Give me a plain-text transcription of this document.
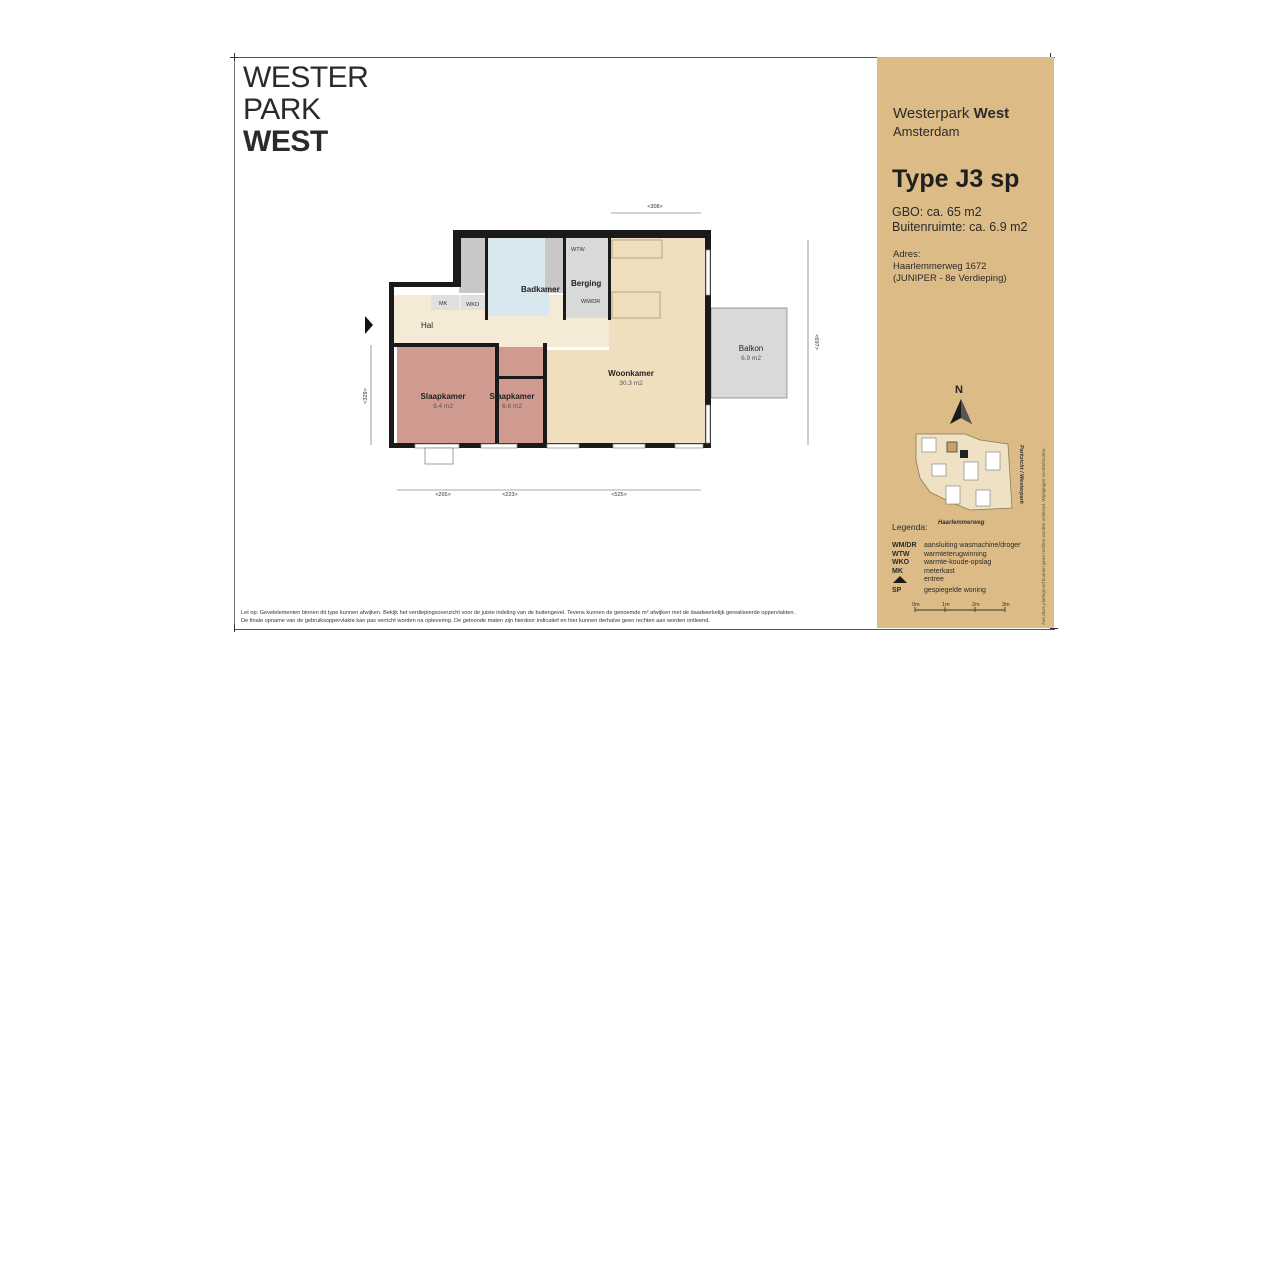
WESTER
PARK
WEST
Westerpark West
Amsterdam
Type J3 sp
GBO: ca. 65 m2
Buitenruimte: ca. 6.9 m2
Adres:
Haarlemmerweg 1672
(JUNIPER - 8e Verdieping)
N
Haarlemmerweg
Parkzicht / Westerpark
Legenda:
WM/DR	aansluiting wasmachine/droger
WTW	warmteterugwinning
WKO	warmte-koude-opslag
MK	meterkast
entree
SP	gespiegelde woning
0m	1m	2m	3m	Aan deze plattegrond kunnen geen rechten worden ontleend. Wijzigingen voorbehouden.
Hal
Badkamer
Berging
Woonkamer
30.3 m2
Balkon
6.9 m2
Slaapkamer
9.4 m2
Slaapkamer
6.6 m2
MK	WKO
WTW
WM/DR
<308>
<697>
<329>
<265>	<223>	<525>
Let op: Gevelelementen binnen dit type kunnen afwijken. Bekijk het verdiepingsoverzicht voor de juiste indeling van de buitengevel. Tevens kunnen de genoemde m² afwijken met de daadwerkelijk gerealiseerde oppervlakten.
De finale opname van de gebruiksoppervlakte kan pas verricht worden na oplevering. De getoonde maten zijn hierdoor indicatief en hier kunnen derhalve geen rechten aan worden ontleend.
